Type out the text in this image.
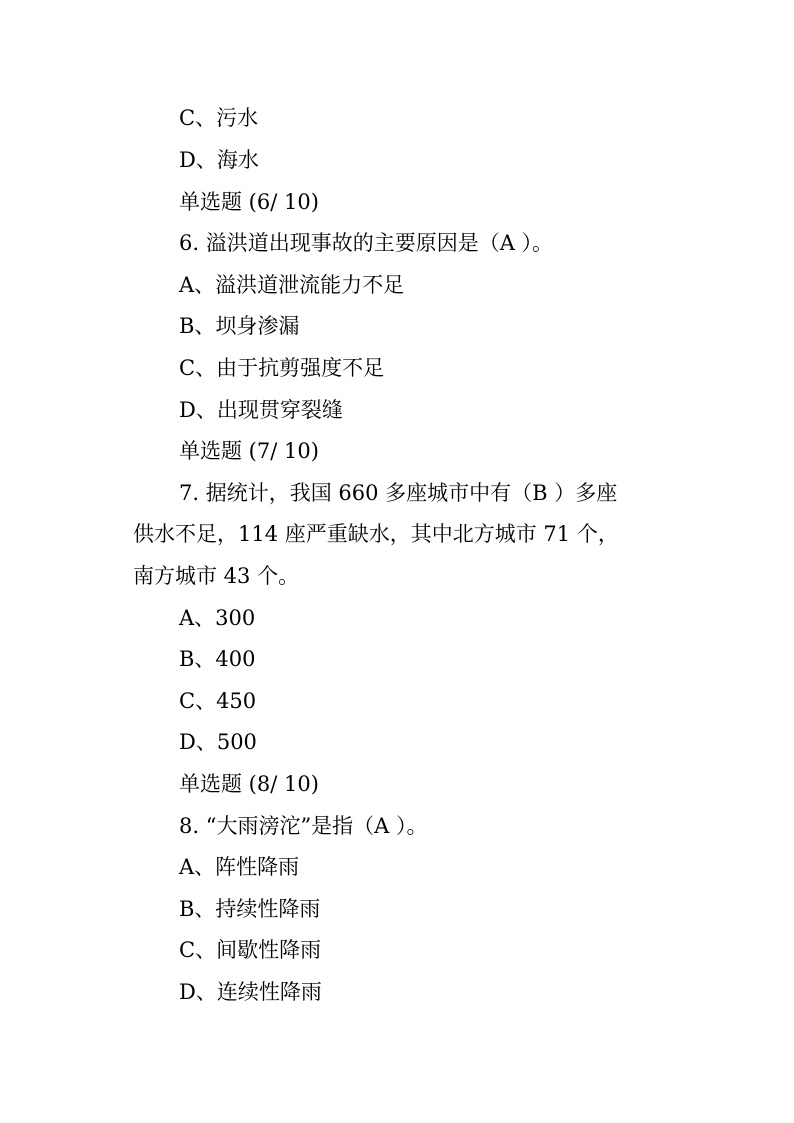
C、污水

D、海水

单选题 (6/ 10)

6. 溢洪道出现事故的主要原因是（A ）。

A、溢洪道泄流能力不足

B、坝身渗漏

C、由于抗剪强度不足

D、出现贯穿裂缝

单选题 (7/ 10)

7. 据统计，我国 660 多座城市中有（B ）多座

供水不足，114 座严重缺水，其中北方城市 71 个，

南方城市 43 个。

A、300

B、400

C、450

D、500

单选题 (8/ 10)

8. “大雨滂沱”是指（A ）。

A、阵性降雨

B、持续性降雨

C、间歇性降雨

D、连续性降雨
